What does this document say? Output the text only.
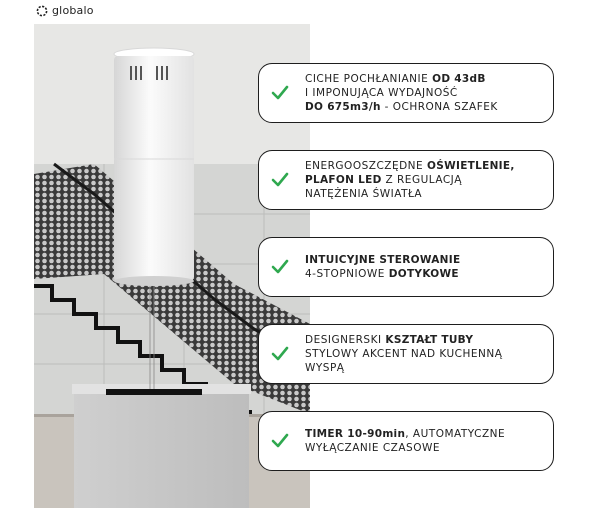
globalo
CICHE POCHŁANIANIE OD 43dB
I IMPONUJĄCA WYDAJNOŚĆ
DO 675m3/h - OCHRONA SZAFEK
ENERGOOSZCZĘDNE OŚWIETLENIE,
PLAFON LED Z REGULACJĄ
NATĘŻENIA ŚWIATŁA
INTUICYJNE STEROWANIE
4-STOPNIOWE DOTYKOWE
DESIGNERSKI KSZTAŁT TUBY
STYLOWY AKCENT NAD KUCHENNĄ
WYSPĄ
TIMER 10-90min, AUTOMATYCZNE
WYŁĄCZANIE CZASOWE
